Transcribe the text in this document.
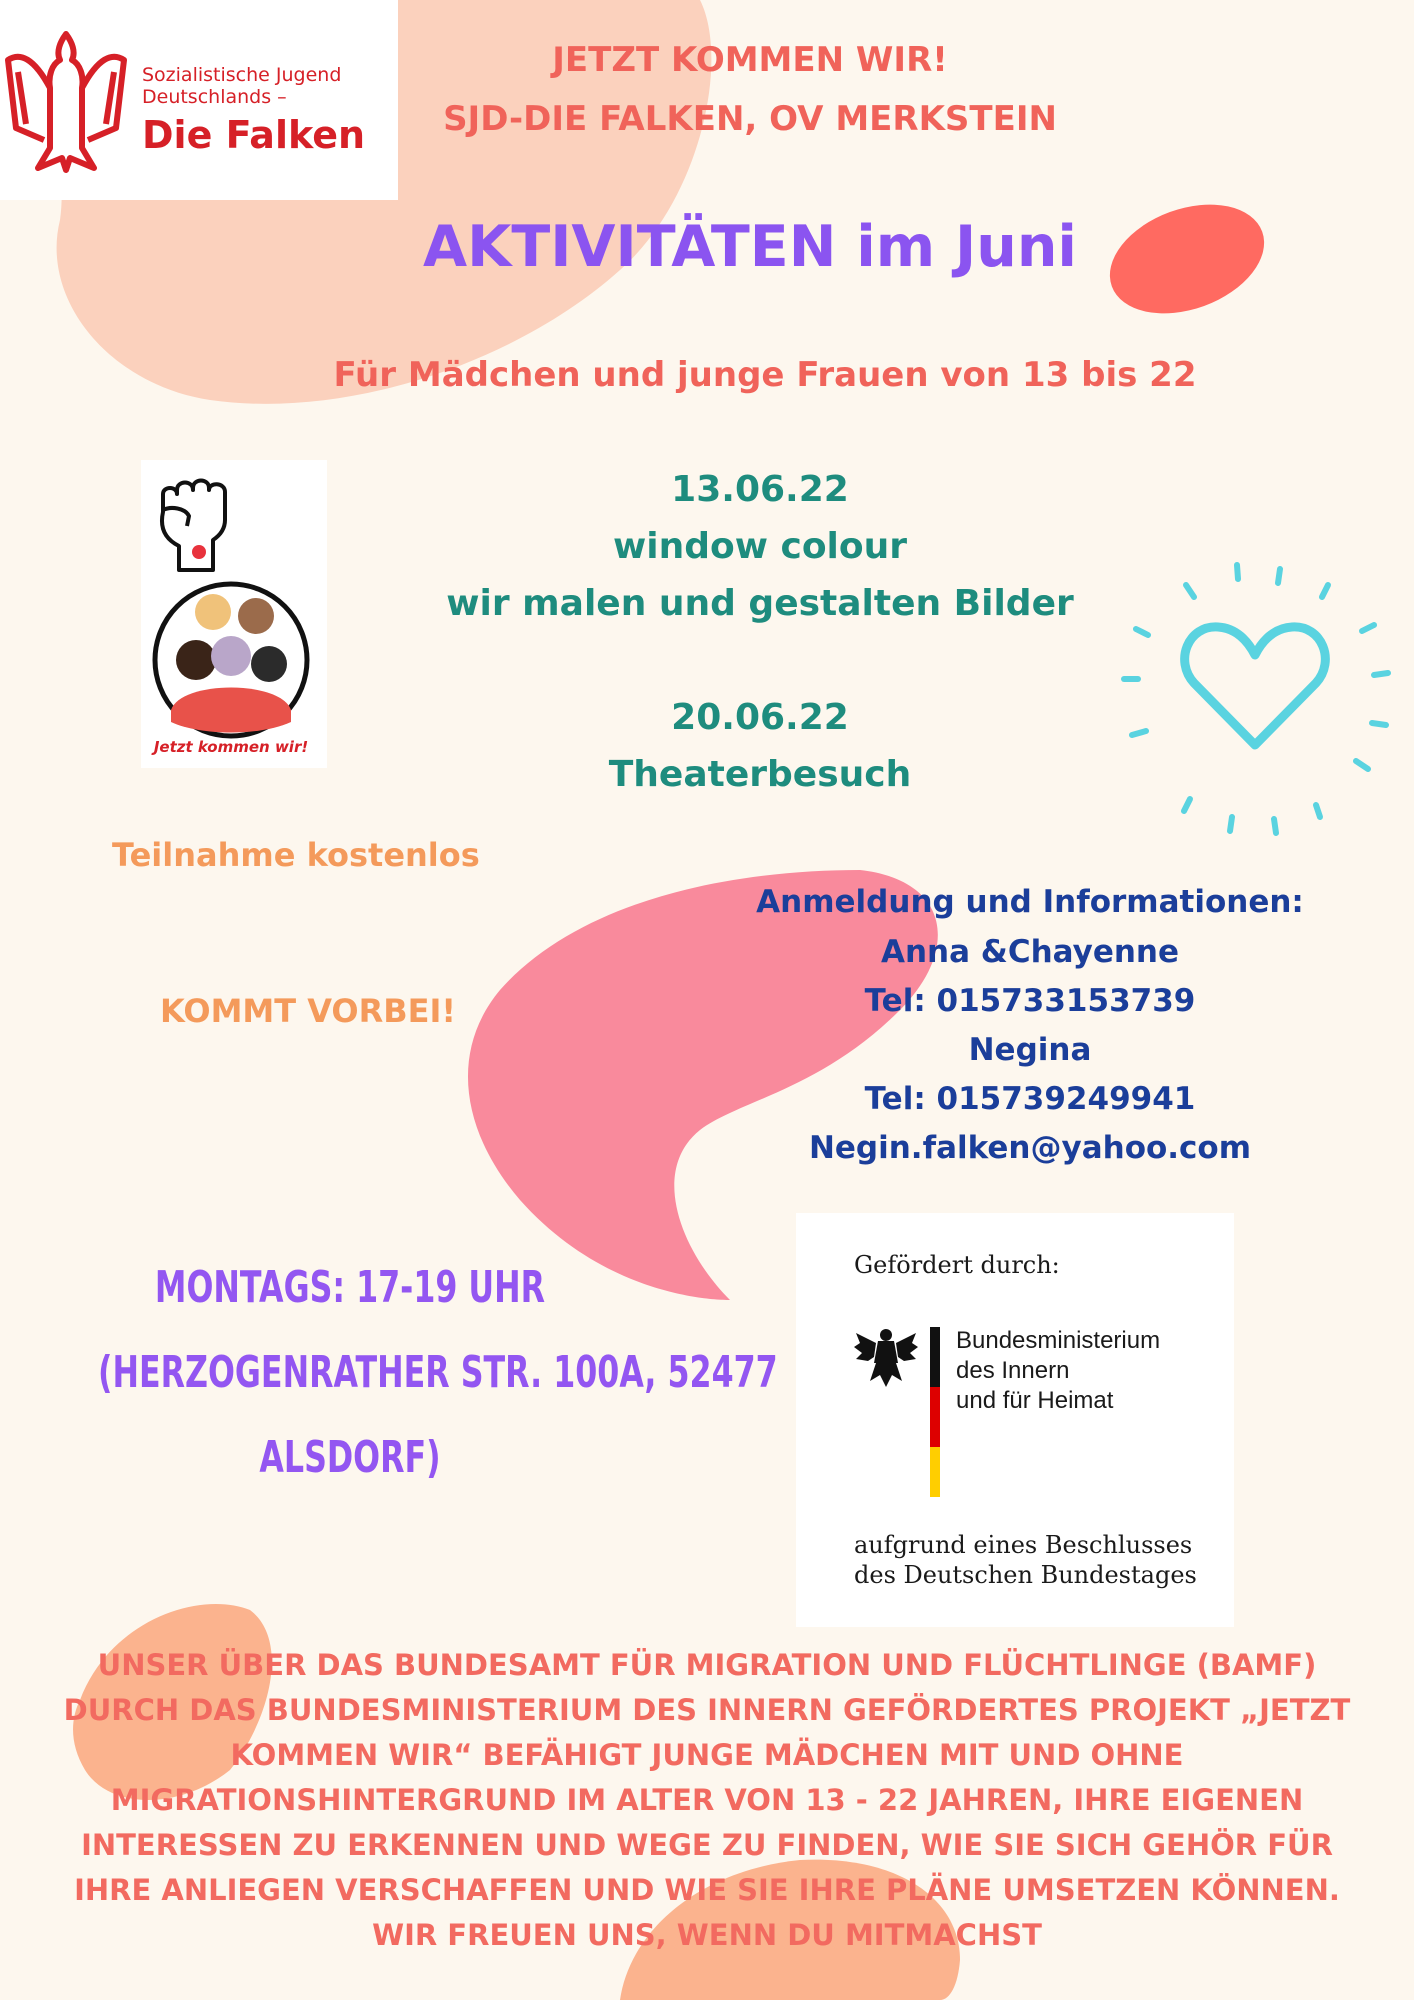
Sozialistische Jugend
Deutschlands –
Die Falken
JETZT KOMMEN WIR!
SJD-DIE FALKEN, OV MERKSTEIN
AKTIVITÄTEN im Juni
Für Mädchen und junge Frauen von 13 bis 22
Jetzt kommen wir!
13.06.22
window colour
wir malen und gestalten Bilder
20.06.22
Theaterbesuch
Teilnahme kostenlos
KOMMT VORBEI!
Anmeldung und Informationen:
Anna &Chayenne
Tel: 015733153739
Negina
Tel: 015739249941
Negin.falken@yahoo.com
MONTAGS: 17-19 UHR
(HERZOGENRATHER STR. 100A, 52477
ALSDORF)
Gefördert durch:
Bundesministerium
des Innern
und für Heimat
aufgrund eines Beschlusses
des Deutschen Bundestages
UNSER ÜBER DAS BUNDESAMT FÜR MIGRATION UND FLÜCHTLINGE (BAMF)
DURCH DAS BUNDESMINISTERIUM DES INNERN GEFÖRDERTES PROJEKT „JETZT
KOMMEN WIR“ BEFÄHIGT JUNGE MÄDCHEN MIT UND OHNE
MIGRATIONSHINTERGRUND IM ALTER VON 13 - 22 JAHREN, IHRE EIGENEN
INTERESSEN ZU ERKENNEN UND WEGE ZU FINDEN, WIE SIE SICH GEHÖR FÜR
IHRE ANLIEGEN VERSCHAFFEN UND WIE SIE IHRE PLÄNE UMSETZEN KÖNNEN.
WIR FREUEN UNS, WENN DU MITMACHST
